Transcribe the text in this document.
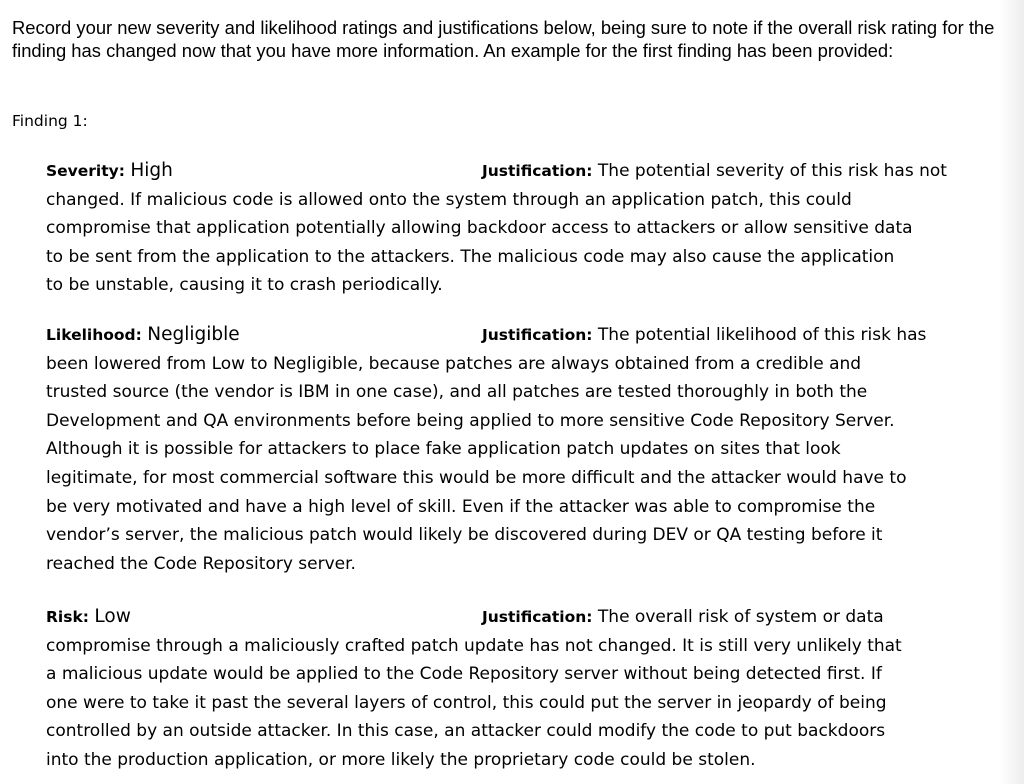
Record your new severity and likelihood ratings and justifications below, being sure to note if the overall risk rating for the finding has changed now that you have more information. An example for the first finding has been provided:

Finding 1:

Severity: High	Justification: The potential severity of this risk has not
changed. If malicious code is allowed onto the system through an application patch, this could
compromise that application potentially allowing backdoor access to attackers or allow sensitive data
to be sent from the application to the attackers. The malicious code may also cause the application
to be unstable, causing it to crash periodically.
Likelihood: Negligible	Justification: The potential likelihood of this risk has
been lowered from Low to Negligible, because patches are always obtained from a credible and
trusted source (the vendor is IBM in one case), and all patches are tested thoroughly in both the
Development and QA environments before being applied to more sensitive Code Repository Server.
Although it is possible for attackers to place fake application patch updates on sites that look
legitimate, for most commercial software this would be more difficult and the attacker would have to
be very motivated and have a high level of skill. Even if the attacker was able to compromise the
vendor’s server, the malicious patch would likely be discovered during DEV or QA testing before it
reached the Code Repository server.
Risk: Low	Justification: The overall risk of system or data
compromise through a maliciously crafted patch update has not changed. It is still very unlikely that
a malicious update would be applied to the Code Repository server without being detected first. If
one were to take it past the several layers of control, this could put the server in jeopardy of being
controlled by an outside attacker. In this case, an attacker could modify the code to put backdoors
into the production application, or more likely the proprietary code could be stolen.
